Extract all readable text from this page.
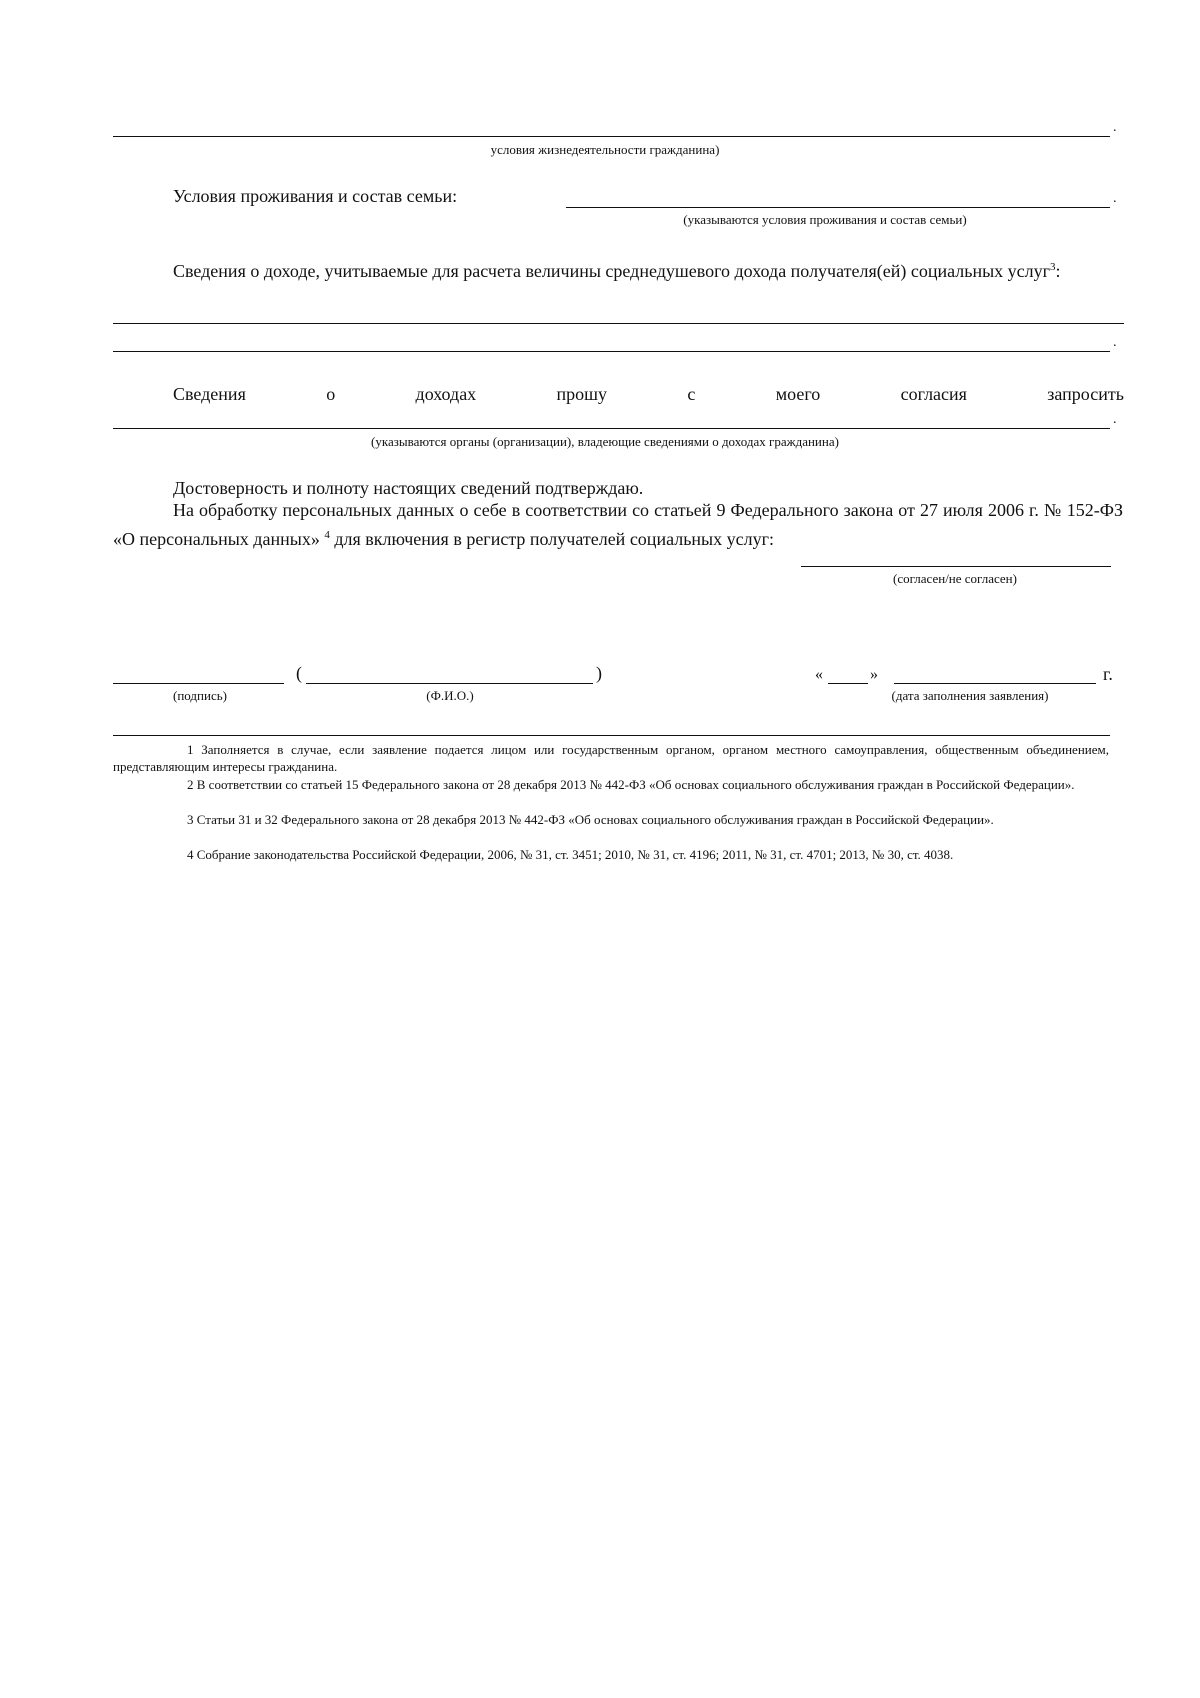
.
условия жизнедеятельности гражданина)
Условия проживания и состав семьи:	.
(указываются условия проживания и состав семьи)
Сведения о доходе, учитываемые для расчета величины среднедушевого дохода получателя(ей) социальных услуг$^3$:
.
Сведения	о	доходах	прошу	с	моего	согласия	запросить
.
(указываются органы (организации), владеющие сведениями о доходах гражданина)
Достоверность и полноту настоящих сведений подтверждаю.
На обработку персональных данных о себе в соответствии со статьей 9 Федерального закона от 27 июля 2006 г. № 152-ФЗ «О персональных данных» $^4$ для включения в регистр получателей социальных услуг:
(согласен/не согласен)
(	)
(подпись)	(Ф.И.О.)
«	»	г.
(дата заполнения заявления)
1 Заполняется в случае, если заявление подается лицом или государственным органом, органом местного самоуправления, общественным объединением, представляющим интересы гражданина.
2 В соответствии со статьей 15 Федерального закона от 28 декабря 2013 № 442-ФЗ «Об основах социального обслуживания граждан в Российской Федерации».
3 Статьи 31 и 32 Федерального закона от 28 декабря 2013 № 442-ФЗ «Об основах социального обслуживания граждан в Российской Федерации».
4 Собрание законодательства Российской Федерации, 2006, № 31, ст. 3451; 2010, № 31, ст. 4196; 2011, № 31, ст. 4701; 2013, № 30, ст. 4038.
